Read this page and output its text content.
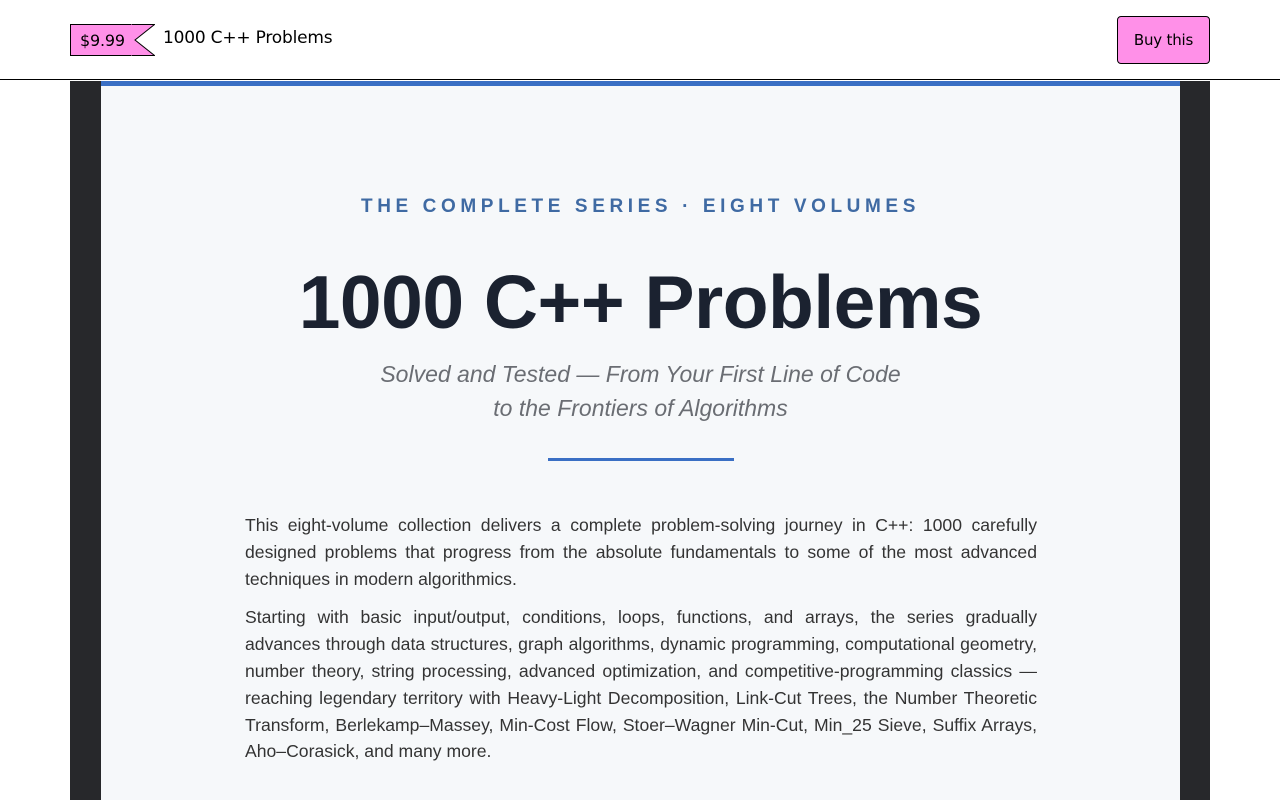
$9.99	1000 C++ Problems	Buy this
THE COMPLETE SERIES · EIGHT VOLUMES
1000 C++ Problems
Solved and Tested — From Your First Line of Code
to the Frontiers of Algorithms

This eight-volume collection delivers a complete problem-solving journey in C++: 1000 carefully designed problems that progress from the absolute fundamentals to some of the most advanced techniques in modern algorithmics.

Starting with basic input/output, conditions, loops, functions, and arrays, the series gradually advances through data structures, graph algorithms, dynamic programming, computational geometry, number theory, string processing, advanced optimization, and competitive-programming classics — reaching legendary territory with Heavy-Light Decomposition, Link-Cut Trees, the Number Theoretic Transform, Berlekamp–Massey, Min-Cost Flow, Stoer–Wagner Min-Cut, Min_25 Sieve, Suffix Arrays, Aho–Corasick, and many more.
